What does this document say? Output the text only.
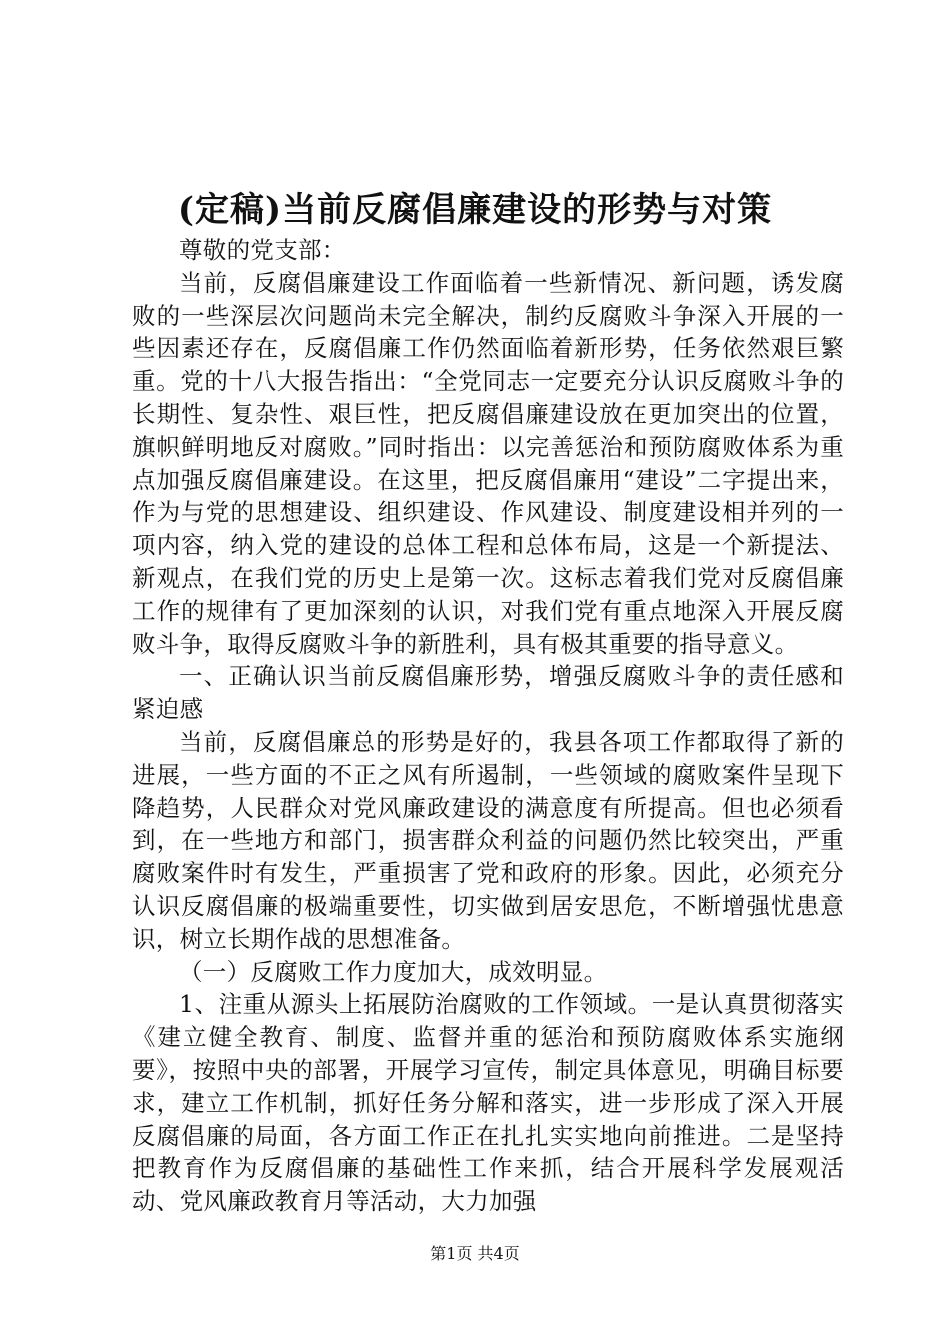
(定稿)当前反腐倡廉建设的形势与对策

尊敬的党支部：

当前，反腐倡廉建设工作面临着一些新情况、新问题，诱发腐败的一些深层次问题尚未完全解决，制约反腐败斗争深入开展的一些因素还存在，反腐倡廉工作仍然面临着新形势，任务依然艰巨繁重。党的十八大报告指出：“全党同志一定要充分认识反腐败斗争的长期性、复杂性、艰巨性，把反腐倡廉建设放在更加突出的位置，旗帜鲜明地反对腐败。”同时指出：以完善惩治和预防腐败体系为重点加强反腐倡廉建设。在这里，把反腐倡廉用“建设”二字提出来，作为与党的思想建设、组织建设、作风建设、制度建设相并列的一项内容，纳入党的建设的总体工程和总体布局，这是一个新提法、新观点，在我们党的历史上是第一次。这标志着我们党对反腐倡廉工作的规律有了更加深刻的认识，对我们党有重点地深入开展反腐败斗争，取得反腐败斗争的新胜利，具有极其重要的指导意义。

一、正确认识当前反腐倡廉形势，增强反腐败斗争的责任感和紧迫感

当前，反腐倡廉总的形势是好的，我县各项工作都取得了新的进展，一些方面的不正之风有所遏制，一些领域的腐败案件呈现下降趋势，人民群众对党风廉政建设的满意度有所提高。但也必须看到，在一些地方和部门，损害群众利益的问题仍然比较突出，严重腐败案件时有发生，严重损害了党和政府的形象。因此，必须充分认识反腐倡廉的极端重要性，切实做到居安思危，不断增强忧患意识，树立长期作战的思想准备。

（一）反腐败工作力度加大，成效明显。

1、注重从源头上拓展防治腐败的工作领域。一是认真贯彻落实《建立健全教育、制度、监督并重的惩治和预防腐败体系实施纲要》，按照中央的部署，开展学习宣传，制定具体意见，明确目标要求，建立工作机制，抓好任务分解和落实，进一步形成了深入开展反腐倡廉的局面，各方面工作正在扎扎实实地向前推进。二是坚持把教育作为反腐倡廉的基础性工作来抓，结合开展科学发展观活动、党风廉政教育月等活动，大力加强

第1页 共4页
